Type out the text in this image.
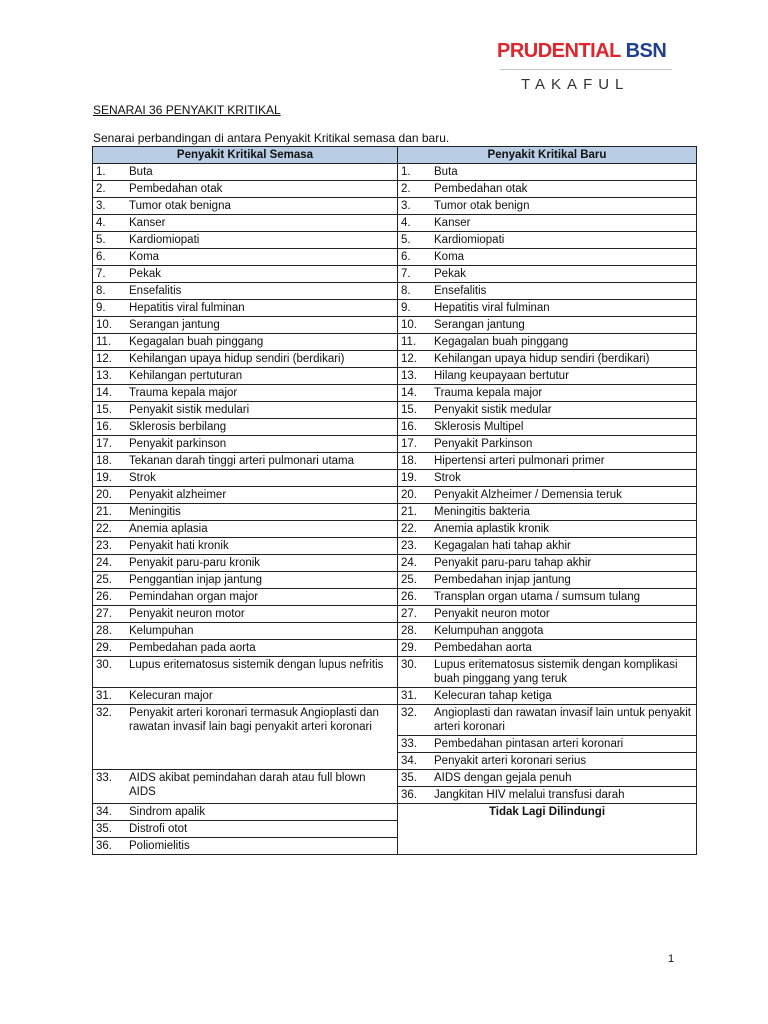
PRUDENTIAL BSN
TAKAFUL
SENARAI 36 PENYAKIT KRITIKAL
Senarai perbandingan di antara Penyakit Kritikal semasa dan baru.
Penyakit Kritikal Semasa	Penyakit Kritikal Baru

1. Buta	1. Buta

2. Pembedahan otak	2. Pembedahan otak

3. Tumor otak benigna	3. Tumor otak benign

4. Kanser	4. Kanser

5. Kardiomiopati	5. Kardiomiopati

6. Koma	6. Koma

7. Pekak	7. Pekak

8. Ensefalitis	8. Ensefalitis

9. Hepatitis viral fulminan	9. Hepatitis viral fulminan

10. Serangan jantung	10. Serangan jantung

11. Kegagalan buah pinggang	11. Kegagalan buah pinggang

12. Kehilangan upaya hidup sendiri (berdikari)	12. Kehilangan upaya hidup sendiri (berdikari)

13. Kehilangan pertuturan	13. Hilang keupayaan bertutur

14. Trauma kepala major	14. Trauma kepala major

15. Penyakit sistik medulari	15. Penyakit sistik medular

16. Sklerosis berbilang	16. Sklerosis Multipel

17. Penyakit parkinson	17. Penyakit Parkinson

18. Tekanan darah tinggi arteri pulmonari utama	18. Hipertensi arteri pulmonari primer

19. Strok	19. Strok

20. Penyakit alzheimer	20. Penyakit Alzheimer / Demensia teruk

21. Meningitis	21. Meningitis bakteria

22. Anemia aplasia	22. Anemia aplastik kronik

23. Penyakit hati kronik	23. Kegagalan hati tahap akhir

24. Penyakit paru-paru kronik	24. Penyakit paru-paru tahap akhir

25. Penggantian injap jantung	25. Pembedahan injap jantung

26. Pemindahan organ major	26. Transplan organ utama / sumsum tulang

27. Penyakit neuron motor	27. Penyakit neuron motor

28. Kelumpuhan	28. Kelumpuhan anggota

29. Pembedahan pada aorta	29. Pembedahan aorta

30. Lupus eritematosus sistemik dengan lupus nefritis	30. Lupus eritematosus sistemik dengan komplikasi buah pinggang yang teruk

31. Kelecuran major	31. Kelecuran tahap ketiga

32. Penyakit arteri koronari termasuk Angioplasti dan rawatan invasif lain bagi penyakit arteri koronari	32. Angioplasti dan rawatan invasif lain untuk penyakit arteri koronari

	33. Pembedahan pintasan arteri koronari

	34. Penyakit arteri koronari serius

33. AIDS akibat pemindahan darah atau full blown AIDS	35. AIDS dengan gejala penuh

	36. Jangkitan HIV melalui transfusi darah

34. Sindrom apalik	Tidak Lagi Dilindungi

35. Distrofi otot	

36. Poliomielitis	
1
